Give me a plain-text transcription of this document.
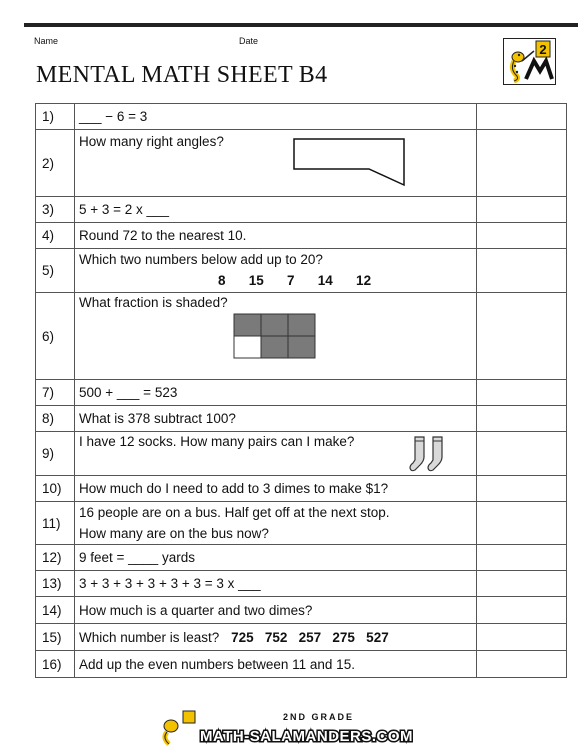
Name	Date
MENTAL MATH SHEET B4
2
1)	___ − 6 = 3	
2)	How many right angles?	

3)	5 + 3 = 2 x ___	
4)	Round 72 to the nearest 10.	
5)	Which two numbers below add up to 20?
8   15   7   14   12	

6)	What fraction is shaded?	

7)	500 + ___ = 523	
8)	What is 378 subtract 100?	
9)	I have 12 socks. How many pairs can I make?	

10)	How much do I need to add to 3 dimes to make $1?	
11)	16 people are on a bus. Half get off at the next stop.
How many are on the bus now?	

12)	9 feet = ____ yards	
13)	3 + 3 + 3 + 3 + 3 + 3 = 3 x ___	
14)	How much is a quarter and two dimes?	
15)	Which number is least? 725   752   257   275   527	
16)	Add up the even numbers between 11 and 15.	
2ND GRADE
MATH-SALAMANDERS.COM
